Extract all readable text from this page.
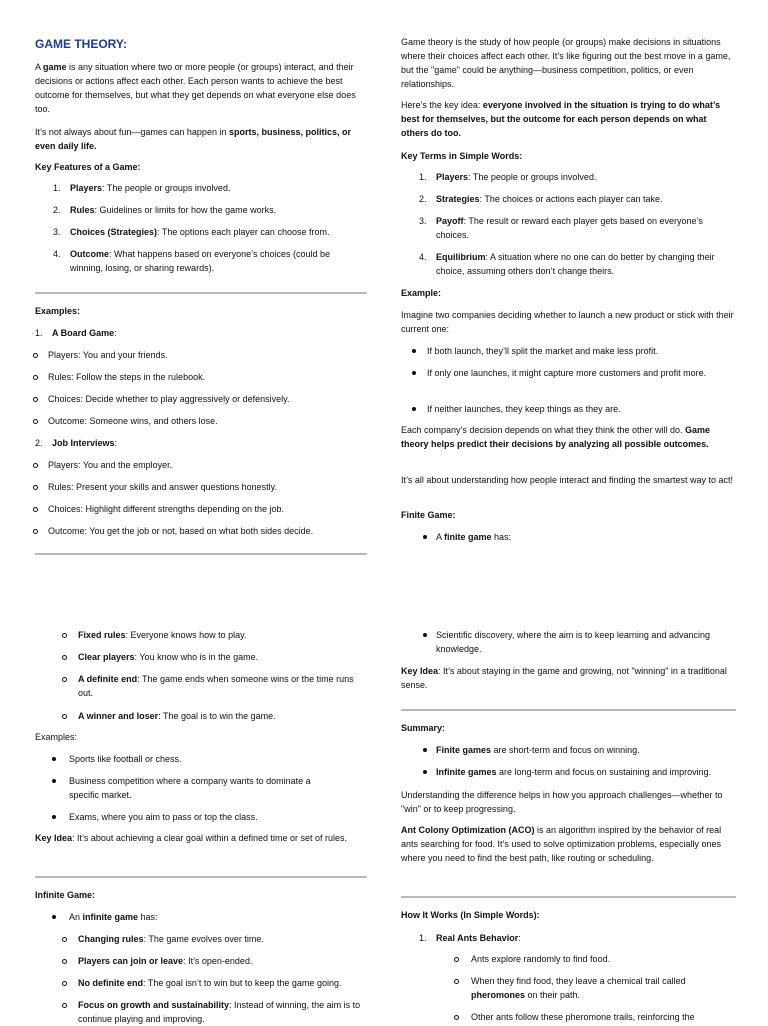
GAME THEORY:

A game is any situation where two or more people (or groups) interact, and their decisions or actions affect each other. Each person wants to achieve the best outcome for themselves, but what they get depends on what everyone else does too.

It’s not always about fun—games can happen in sports, business, politics, or even daily life.

Key Features of a Game:

1. Players: The people or groups involved.
2. Rules: Guidelines or limits for how the game works.
3. Choices (Strategies): The options each player can choose from.
4. Outcome: What happens based on everyone’s choices (could be winning, losing, or sharing rewards).
Examples:
1. A Board Game:
Players: You and your friends.
Rules: Follow the steps in the rulebook.
Choices: Decide whether to play aggressively or defensively.
Outcome: Someone wins, and others lose.
2. Job Interviews:
Players: You and the employer.
Rules: Present your skills and answer questions honestly.
Choices: Highlight different strengths depending on the job.
Outcome: You get the job or not, based on what both sides decide.

Game theory is the study of how people (or groups) make decisions in situations where their choices affect each other. It’s like figuring out the best move in a game, but the "game" could be anything—business competition, politics, or even relationships.

Here’s the key idea: everyone involved in the situation is trying to do what’s best for themselves, but the outcome for each person depends on what others do too.

Key Terms in Simple Words:
1. Players: The people or groups involved.
2. Strategies: The choices or actions each player can take.
3. Payoff: The result or reward each player gets based on everyone’s choices.
4. Equilibrium: A situation where no one can do better by changing their choice, assuming others don’t change theirs.
Example:

Imagine two companies deciding whether to launch a new product or stick with their current one:

If both launch, they’ll split the market and make less profit.
If only one launches, it might capture more customers and profit more.
If neither launches, they keep things as they are.

Each company’s decision depends on what they think the other will do. Game theory helps predict their decisions by analyzing all possible outcomes.

It’s all about understanding how people interact and finding the smartest way to act!

Finite Game:
A finite game has:
Fixed rules: Everyone knows how to play.
Clear players: You know who is in the game.
A definite end: The game ends when someone wins or the time runs out.
A winner and loser: The goal is to win the game.
Examples:
Sports like football or chess.
Business competition where a company wants to dominate a specific market.
Exams, where you aim to pass or top the class.

Key Idea: It’s about achieving a clear goal within a defined time or set of rules.

Infinite Game:
An infinite game has:
Changing rules: The game evolves over time.
Players can join or leave: It’s open-ended.
No definite end: The goal isn’t to win but to keep the game going.
Focus on growth and sustainability: Instead of winning, the aim is to continue playing and improving.
Scientific discovery, where the aim is to keep learning and advancing knowledge.

Key Idea: It’s about staying in the game and growing, not "winning" in a traditional sense.

Summary:
Finite games are short-term and focus on winning.
Infinite games are long-term and focus on sustaining and improving.

Understanding the difference helps in how you approach challenges—whether to "win" or to keep progressing.

Ant Colony Optimization (ACO) is an algorithm inspired by the behavior of real ants searching for food. It’s used to solve optimization problems, especially ones where you need to find the best path, like routing or scheduling.

How It Works (In Simple Words):
1. Real Ants Behavior:
Ants explore randomly to find food.
When they find food, they leave a chemical trail called pheromones on their path.
Other ants follow these pheromone trails, reinforcing the
